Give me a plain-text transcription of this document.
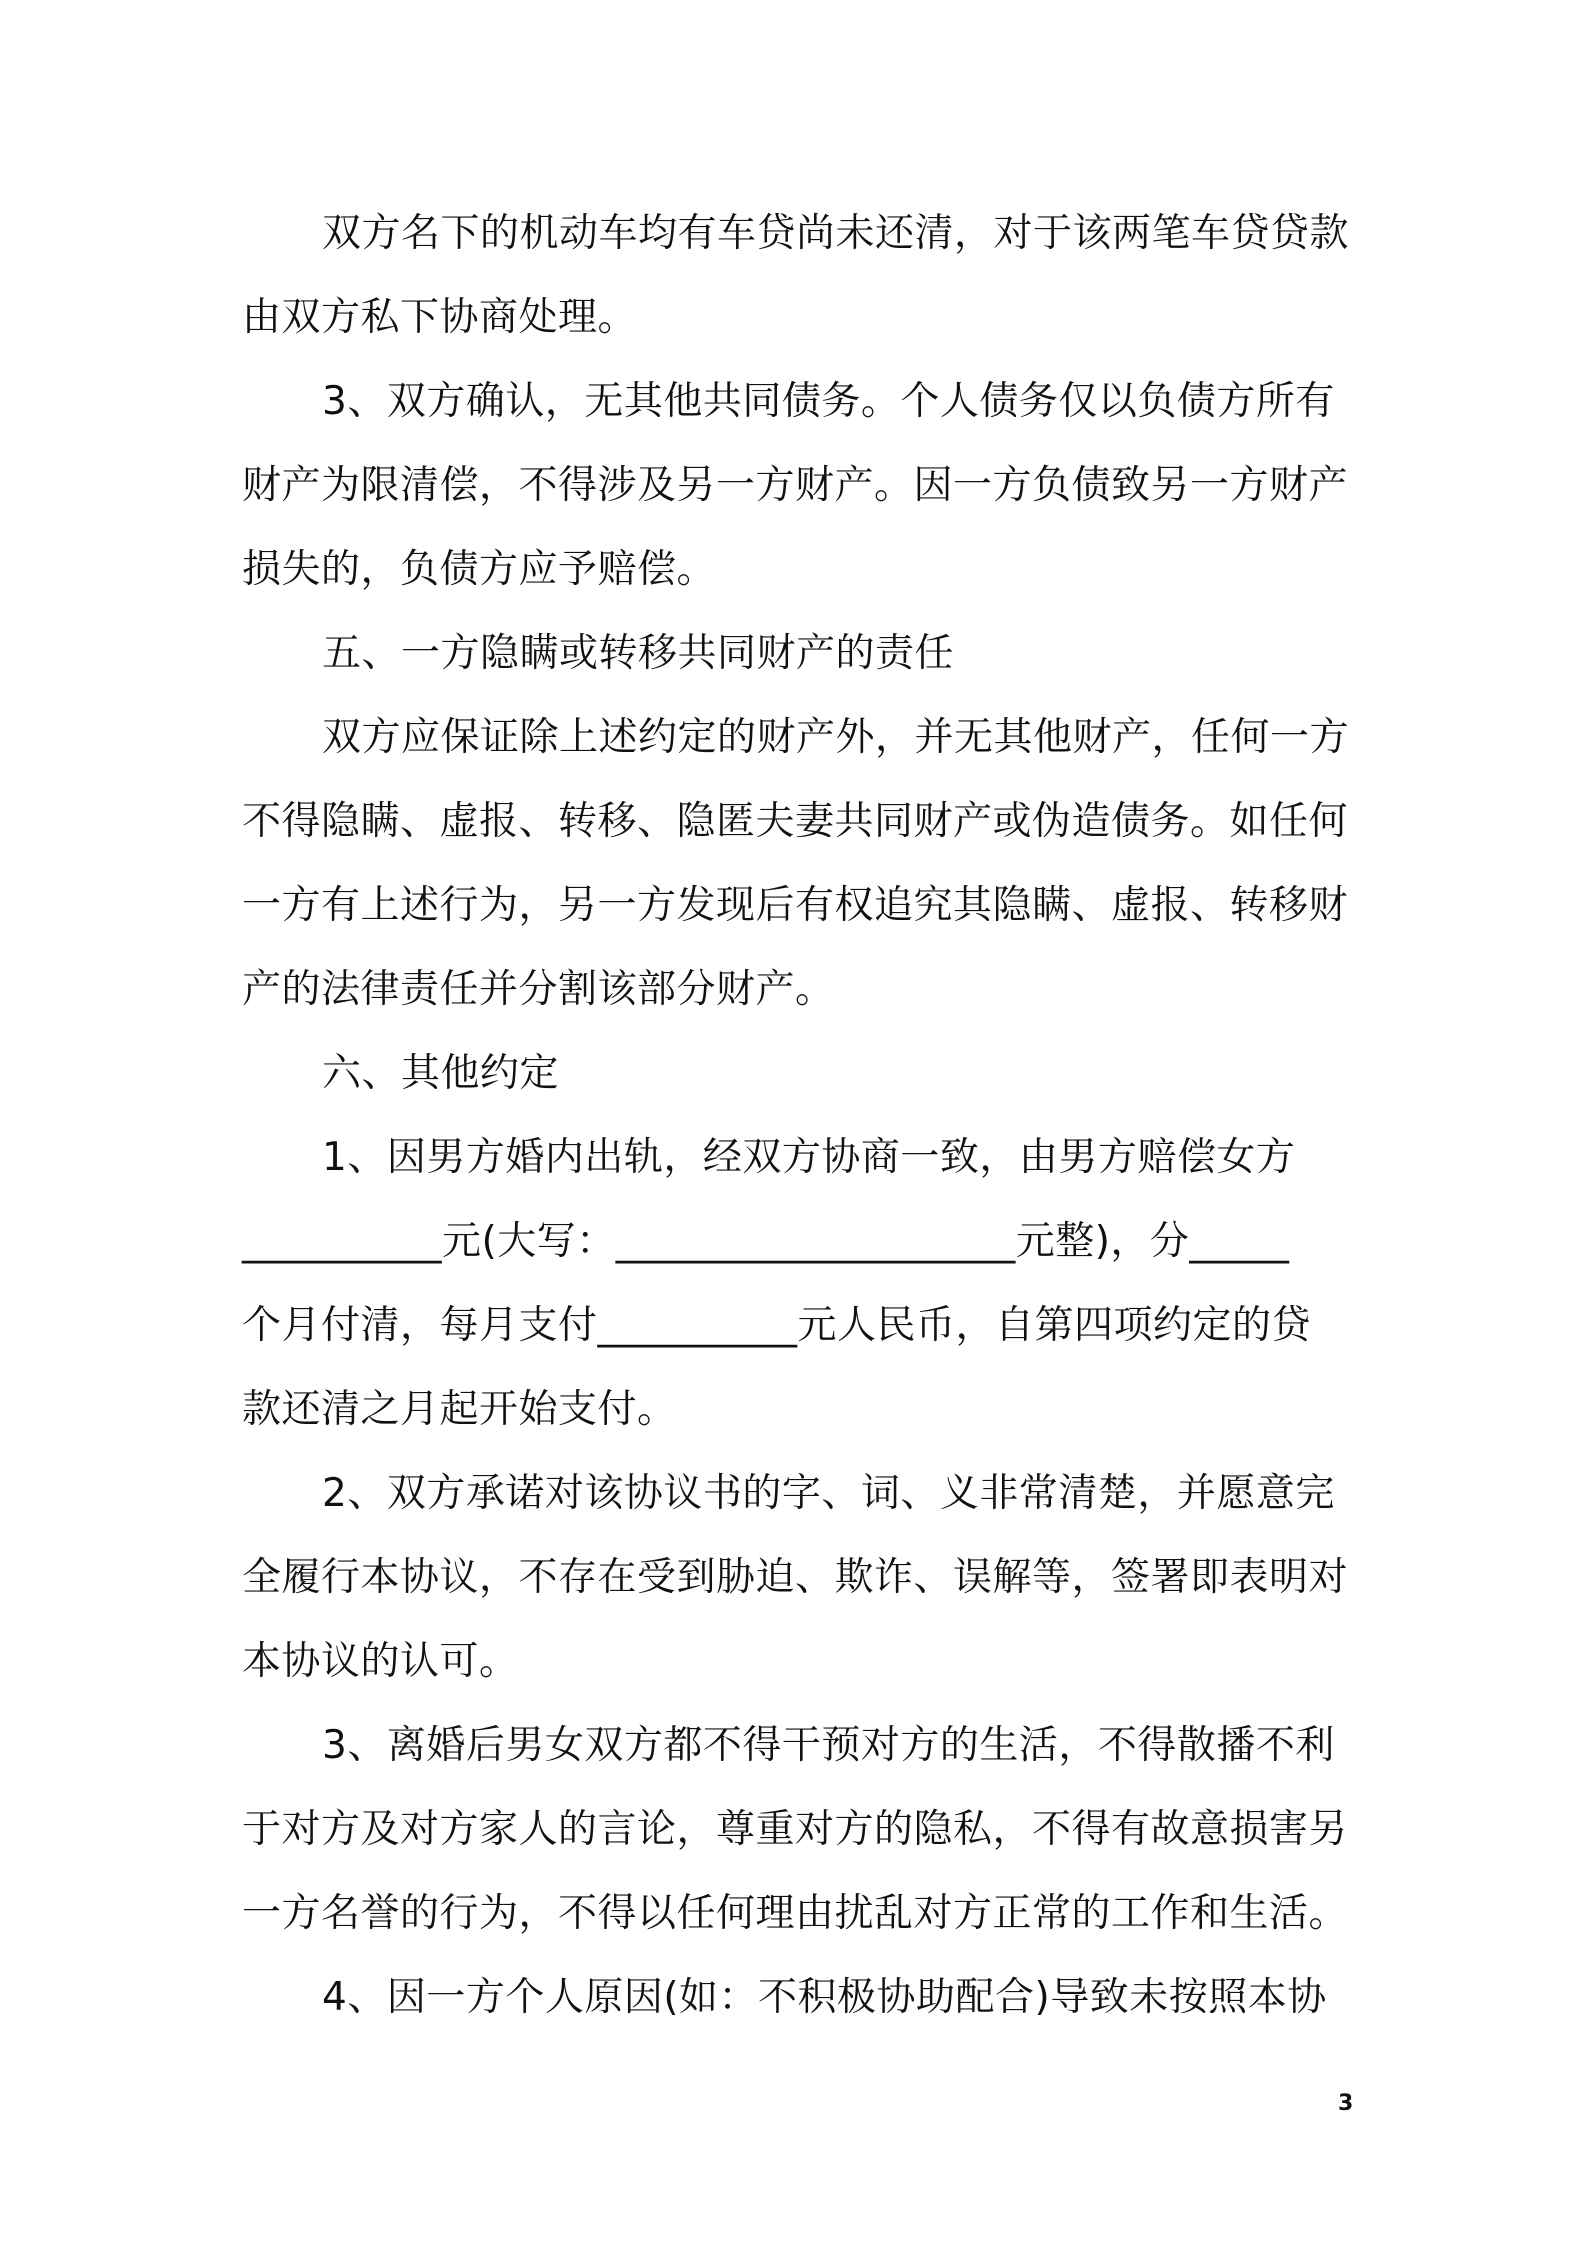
双方名下的机动车均有车贷尚未还清，对于该两笔车贷贷款
由双方私下协商处理。
3、双方确认，无其他共同债务。个人债务仅以负债方所有
财产为限清偿，不得涉及另一方财产。因一方负债致另一方财产
损失的，负债方应予赔偿。
五、一方隐瞒或转移共同财产的责任
双方应保证除上述约定的财产外，并无其他财产，任何一方
不得隐瞒、虚报、转移、隐匿夫妻共同财产或伪造债务。如任何
一方有上述行为，另一方发现后有权追究其隐瞒、虚报、转移财
产的法律责任并分割该部分财产。
六、其他约定
1、因男方婚内出轨，经双方协商一致，由男方赔偿女方
__________元(大写：____________________元整)，分_____
个月付清，每月支付__________元人民币，自第四项约定的贷
款还清之月起开始支付。
2、双方承诺对该协议书的字、词、义非常清楚，并愿意完
全履行本协议，不存在受到胁迫、欺诈、误解等，签署即表明对
本协议的认可。
3、离婚后男女双方都不得干预对方的生活，不得散播不利
于对方及对方家人的言论，尊重对方的隐私，不得有故意损害另
一方名誉的行为，不得以任何理由扰乱对方正常的工作和生活。
4、因一方个人原因(如：不积极协助配合)导致未按照本协
3
